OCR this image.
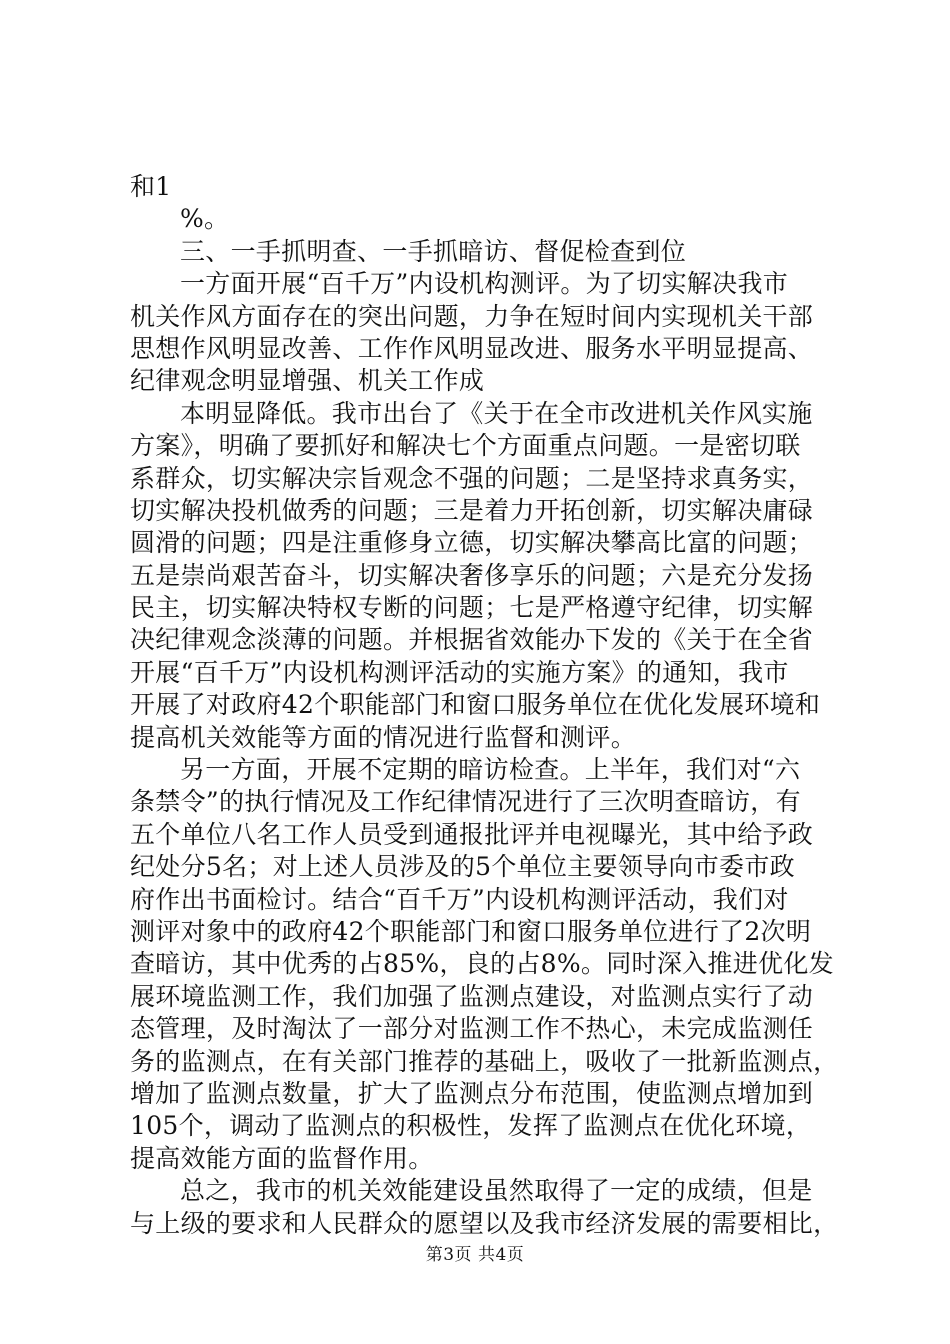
和1
%。
三、一手抓明查、一手抓暗访、督促检查到位
一方面开展“百千万”内设机构测评。为了切实解决我市
机关作风方面存在的突出问题，力争在短时间内实现机关干部
思想作风明显改善、工作作风明显改进、服务水平明显提高、
纪律观念明显增强、机关工作成
本明显降低。我市出台了《关于在全市改进机关作风实施
方案》，明确了要抓好和解决七个方面重点问题。一是密切联
系群众，切实解决宗旨观念不强的问题；二是坚持求真务实，
切实解决投机做秀的问题；三是着力开拓创新，切实解决庸碌
圆滑的问题；四是注重修身立德，切实解决攀高比富的问题；
五是崇尚艰苦奋斗，切实解决奢侈享乐的问题；六是充分发扬
民主，切实解决特权专断的问题；七是严格遵守纪律，切实解
决纪律观念淡薄的问题。并根据省效能办下发的《关于在全省
开展“百千万”内设机构测评活动的实施方案》的通知，我市
开展了对政府42个职能部门和窗口服务单位在优化发展环境和
提高机关效能等方面的情况进行监督和测评。
另一方面，开展不定期的暗访检查。上半年，我们对“六
条禁令”的执行情况及工作纪律情况进行了三次明查暗访，有
五个单位八名工作人员受到通报批评并电视曝光，其中给予政
纪处分5名；对上述人员涉及的5个单位主要领导向市委市政
府作出书面检讨。结合“百千万”内设机构测评活动，我们对
测评对象中的政府42个职能部门和窗口服务单位进行了2次明
查暗访，其中优秀的占85%，良的占8%。同时深入推进优化发
展环境监测工作，我们加强了监测点建设，对监测点实行了动
态管理，及时淘汰了一部分对监测工作不热心，未完成监测任
务的监测点，在有关部门推荐的基础上，吸收了一批新监测点，
增加了监测点数量，扩大了监测点分布范围，使监测点增加到
105个，调动了监测点的积极性，发挥了监测点在优化环境，
提高效能方面的监督作用。
总之，我市的机关效能建设虽然取得了一定的成绩，但是
与上级的要求和人民群众的愿望以及我市经济发展的需要相比，
第3页 共4页
